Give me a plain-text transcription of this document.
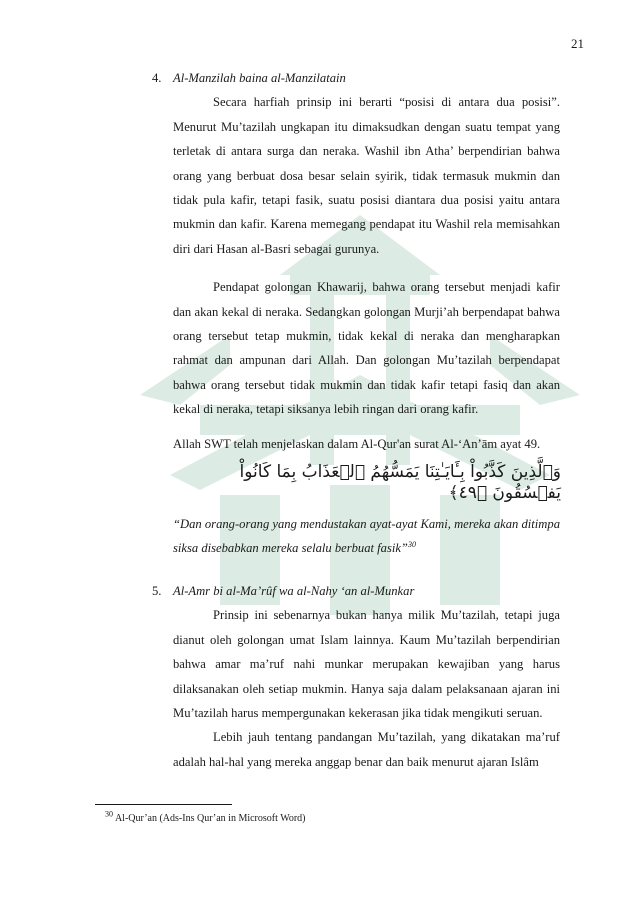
21
4. Al-Manzilah baina al-Manzilatain

Secara harfiah prinsip ini berarti “posisi di antara dua posisi”. Menurut Mu’tazilah ungkapan itu dimaksudkan dengan suatu tempat yang terletak di antara surga dan neraka. Washil ibn Atha’ berpendirian bahwa orang yang berbuat dosa besar selain syirik, tidak termasuk mukmin dan tidak pula kafir, tetapi fasik, suatu posisi diantara dua posisi yaitu antara mukmin dan kafir. Karena memegang pendapat itu Washil rela memisahkan diri dari Hasan al-Basri sebagai gurunya.

Pendapat golongan Khawarij, bahwa orang tersebut menjadi kafir dan akan kekal di neraka. Sedangkan golongan Murji’ah berpendapat bahwa orang tersebut tetap mukmin, tidak kekal di neraka dan mengharapkan rahmat dan ampunan dari Allah. Dan golongan Mu’tazilah berpendapat bahwa orang tersebut tidak mukmin dan tidak kafir tetapi fasiq dan akan kekal di neraka, tetapi siksanya lebih ringan dari orang kafir.

Allah SWT telah menjelaskan dalam Al-Qur'an surat Al-‘An’ām ayat 49.

وَٱلَّذِينَ كَذَّبُواْ بِـَٔايَـٰتِنَا يَمَسُّهُمُ ٱلۡعَذَابُ بِمَا كَانُواْ يَفۡسُقُونَ ﴿٤٩﴾

“Dan orang-orang yang mendustakan ayat-ayat Kami, mereka akan ditimpa siksa disebabkan mereka selalu berbuat fasik”$^{30}$

5. Al-Amr bi al-Ma’rûf wa al-Nahy ‘an al-Munkar

Prinsip ini sebenarnya bukan hanya milik Mu’tazilah, tetapi juga dianut oleh golongan umat Islam lainnya. Kaum Mu’tazilah berpendirian bahwa amar ma’ruf nahi munkar merupakan kewajiban yang harus dilaksanakan oleh setiap mukmin. Hanya saja dalam pelaksanaan ajaran ini Mu’tazilah harus mempergunakan kekerasan jika tidak mengikuti seruan.

Lebih jauh tentang pandangan Mu’tazilah, yang dikatakan ma’ruf adalah hal-hal yang mereka anggap benar dan baik menurut ajaran Islâm

$^{30}$ Al-Qur’an (Ads-Ins Qur’an in Microsoft Word)
